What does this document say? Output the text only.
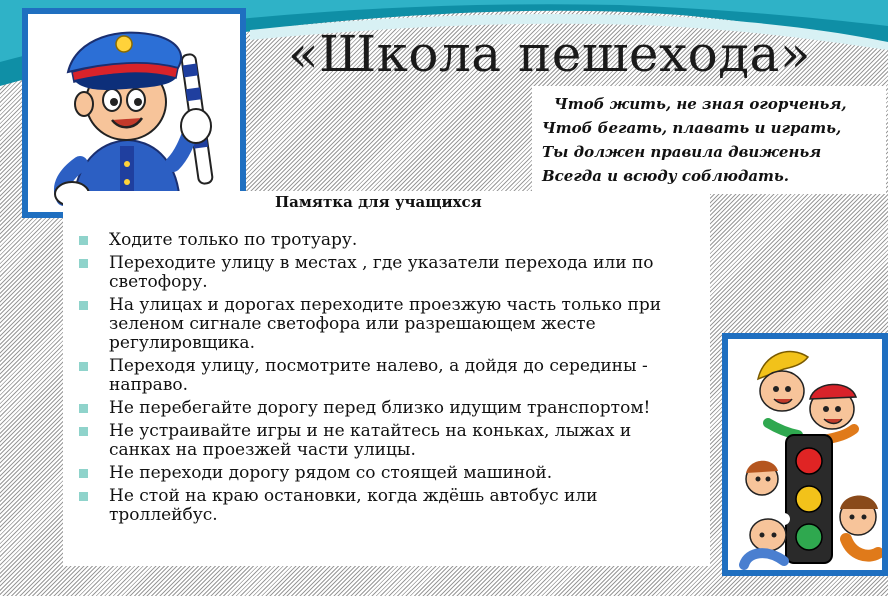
«Школа пешехода»
Чтоб жить, не зная огорченья,
Чтоб бегать, плавать и играть,
Ты должен правила движенья
Всегда и всюду соблюдать.
Памятка для учащихся
Ходите только по тротуару.
Переходите улицу в местах , где указатели перехода или по
светофору.
На улицах и дорогах переходите проезжую часть только при
зеленом сигнале светофора или разрешающем жесте
регулировщика.
Переходя улицу, посмотрите налево, а дойдя до середины -
направо.
Не перебегайте дорогу перед близко идущим транспортом!
Не устраивайте игры и не катайтесь на коньках, лыжах и
санках на проезжей части улицы.
Не переходи дорогу рядом со стоящей машиной.
Не стой на краю остановки, когда ждёшь автобус или
троллейбус.
